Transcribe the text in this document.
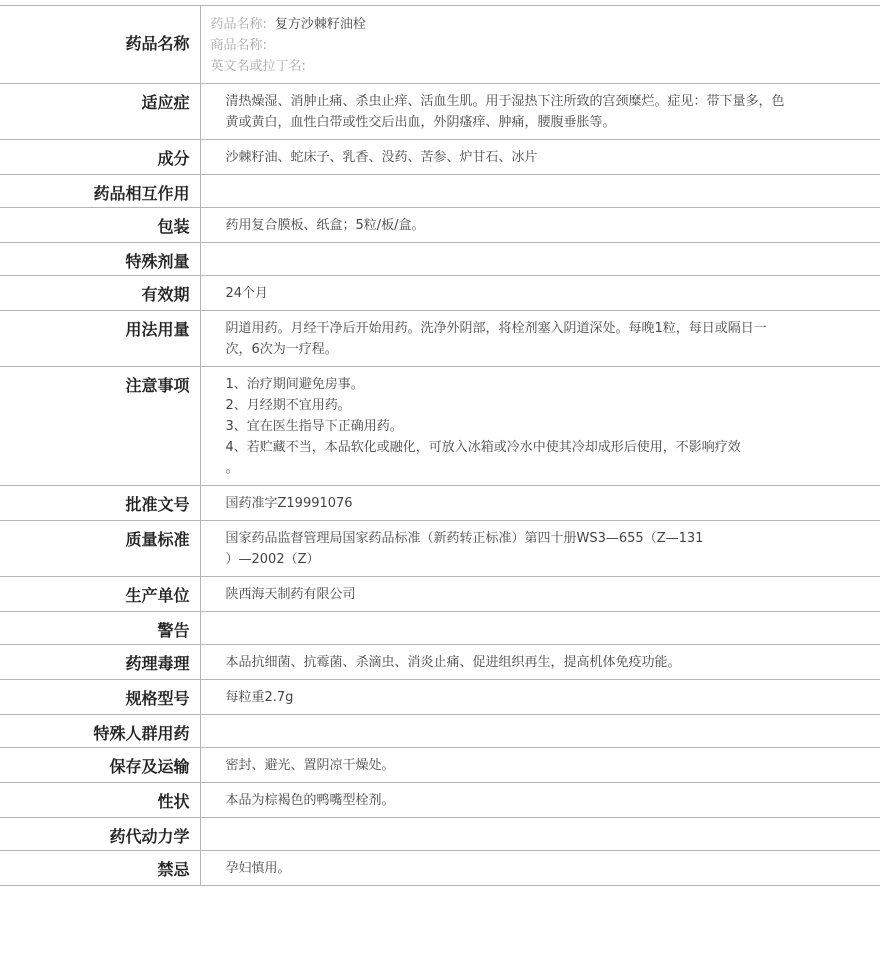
药品名称	药品名称: 复方沙棘籽油栓
商品名称:
英文名或拉丁名:

适应症	清热燥湿、消肿止痛、杀虫止痒、活血生肌。用于湿热下注所致的宫颈糜烂。症见：带下量多，色黄或黄白，血性白带或性交后出血，外阴瘙痒、肿痛，腰腹垂胀等。
成分	沙棘籽油、蛇床子、乳香、没药、苦参、炉甘石、冰片
药品相互作用	
包装	药用复合膜板、纸盒；5粒/板/盒。
特殊剂量	
有效期	24个月
用法用量	阴道用药。月经干净后开始用药。洗净外阴部，将栓剂塞入阴道深处。每晚1粒，每日或隔日一次，6次为一疗程。
注意事项	1、治疗期间避免房事。
2、月经期不宜用药。
3、宜在医生指导下正确用药。
4、若贮藏不当，本品软化或融化，可放入冰箱或冷水中使其冷却成形后使用，不影响疗效
。

批准文号	国药准字Z19991076
质量标准	国家药品监督管理局国家药品标准（新药转正标准）第四十册WS3—655（Z—131
）—2002（Z）

生产单位	陕西海天制药有限公司
警告	
药理毒理	本品抗细菌、抗霉菌、杀滴虫、消炎止痛、促进组织再生，提高机体免疫功能。
规格型号	每粒重2.7g
特殊人群用药	
保存及运输	密封、避光、置阴凉干燥处。
性状	本品为棕褐色的鸭嘴型栓剂。
药代动力学	
禁忌	孕妇慎用。
